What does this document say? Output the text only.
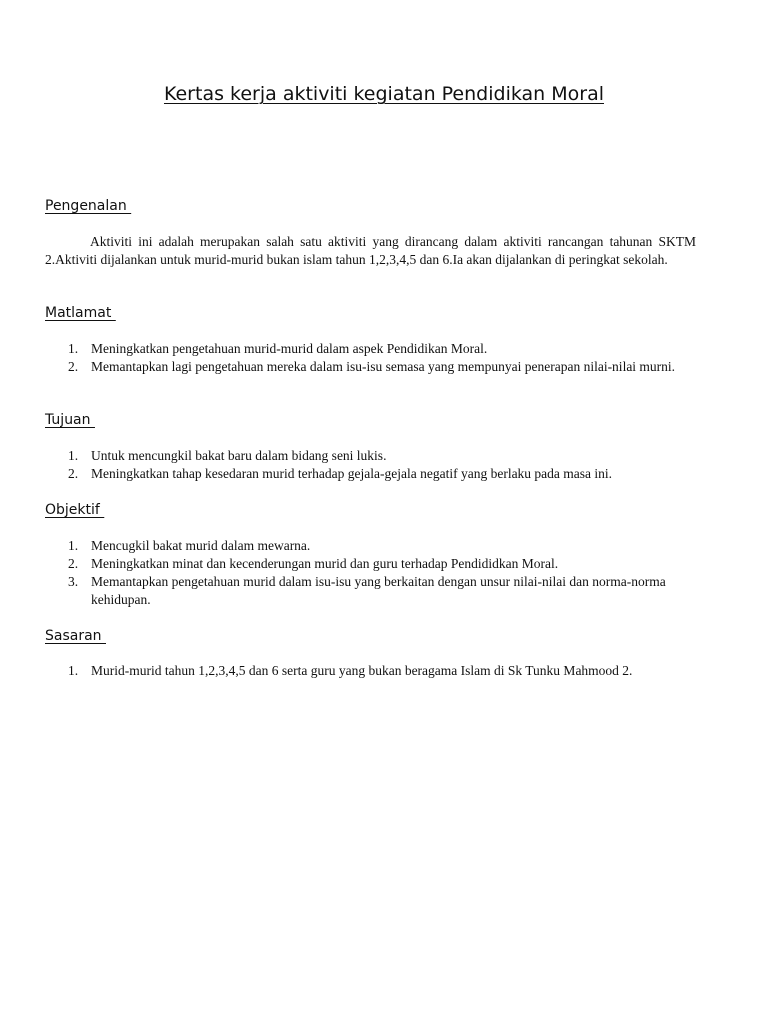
Kertas kerja aktiviti kegiatan Pendidikan Moral
Pengenalan

Aktiviti ini adalah merupakan salah satu aktiviti yang dirancang dalam aktiviti rancangan tahunan SKTM 2.Aktiviti dijalankan untuk murid-murid bukan islam tahun 1,2,3,4,5 dan 6.Ia akan dijalankan di peringkat sekolah.

Matlamat
1. Meningkatkan pengetahuan murid-murid dalam aspek Pendidikan Moral.
2. Memantapkan lagi pengetahuan mereka dalam isu-isu semasa yang mempunyai penerapan nilai-nilai murni.
Tujuan
1. Untuk mencungkil bakat baru dalam bidang seni lukis.
2. Meningkatkan tahap kesedaran murid terhadap gejala-gejala negatif yang berlaku pada masa ini.
Objektif
1. Mencugkil bakat murid dalam mewarna.
2. Meningkatkan minat dan kecenderungan murid dan guru terhadap Pendididkan Moral.
3. Memantapkan pengetahuan murid dalam isu-isu yang berkaitan dengan unsur nilai-nilai dan norma-norma kehidupan.
Sasaran
1. Murid-murid tahun 1,2,3,4,5 dan 6 serta guru yang bukan beragama Islam di Sk Tunku Mahmood 2.
